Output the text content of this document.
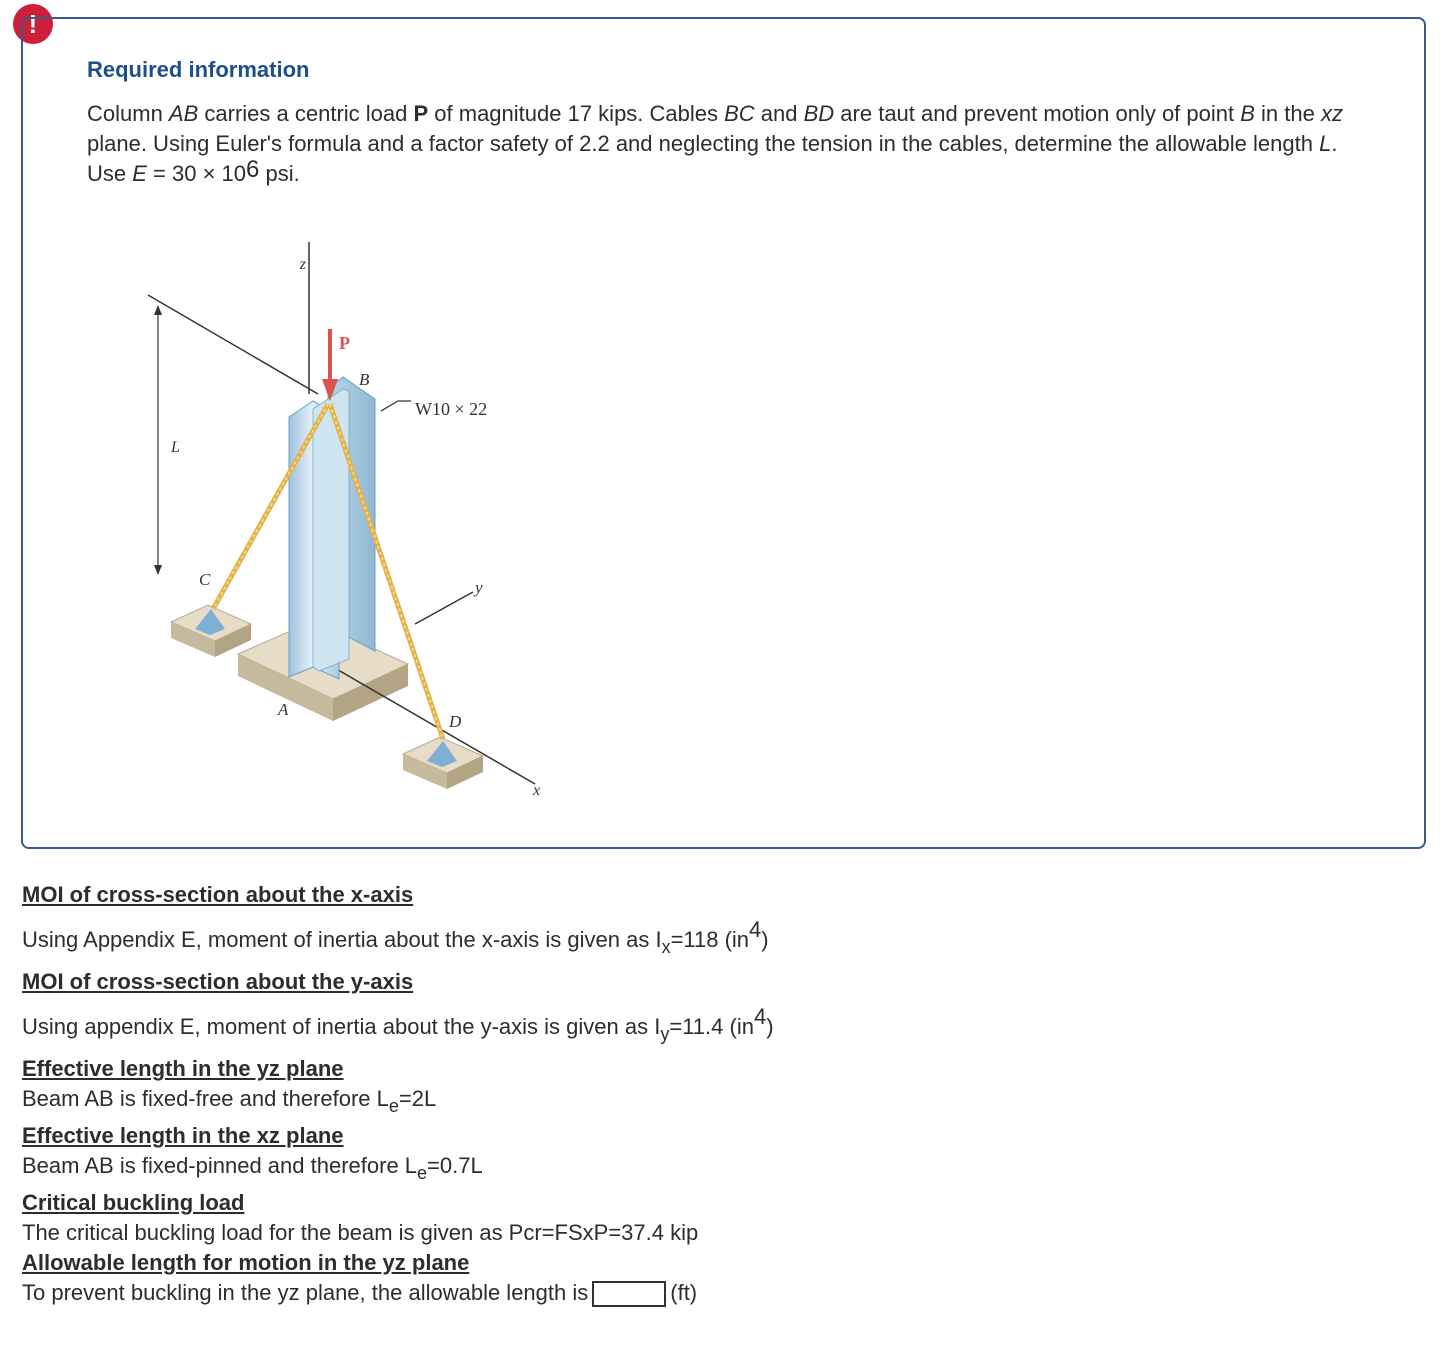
!
Required information

Column AB carries a centric load P of magnitude 17 kips. Cables BC and BD are taut and prevent motion only of point B in the xz plane. Using Euler's formula and a factor safety of 2.2 and neglecting the tension in the cables, determine the allowable length L. Use $E = 30 \times 10^6$ psi.

z
P
B
W10 × 22
L
C	y
A
D
x
MOI of cross-section about the x-axis
Using Appendix E, moment of inertia about the x-axis is given as $I_x=118$ (in4)
MOI of cross-section about the y-axis
Using appendix E, moment of inertia about the y-axis is given as $I_y=11.4$ (in4)
Effective length in the yz plane
Beam AB is fixed-free and therefore $L_e=2L$
Effective length in the xz plane
Beam AB is fixed-pinned and therefore $L_e=0.7L$
Critical buckling load
The critical buckling load for the beam is given as Pcr=FSxP=37.4 kip
Allowable length for motion in the yz plane
To prevent buckling in the yz plane, the allowable length is	(ft)
